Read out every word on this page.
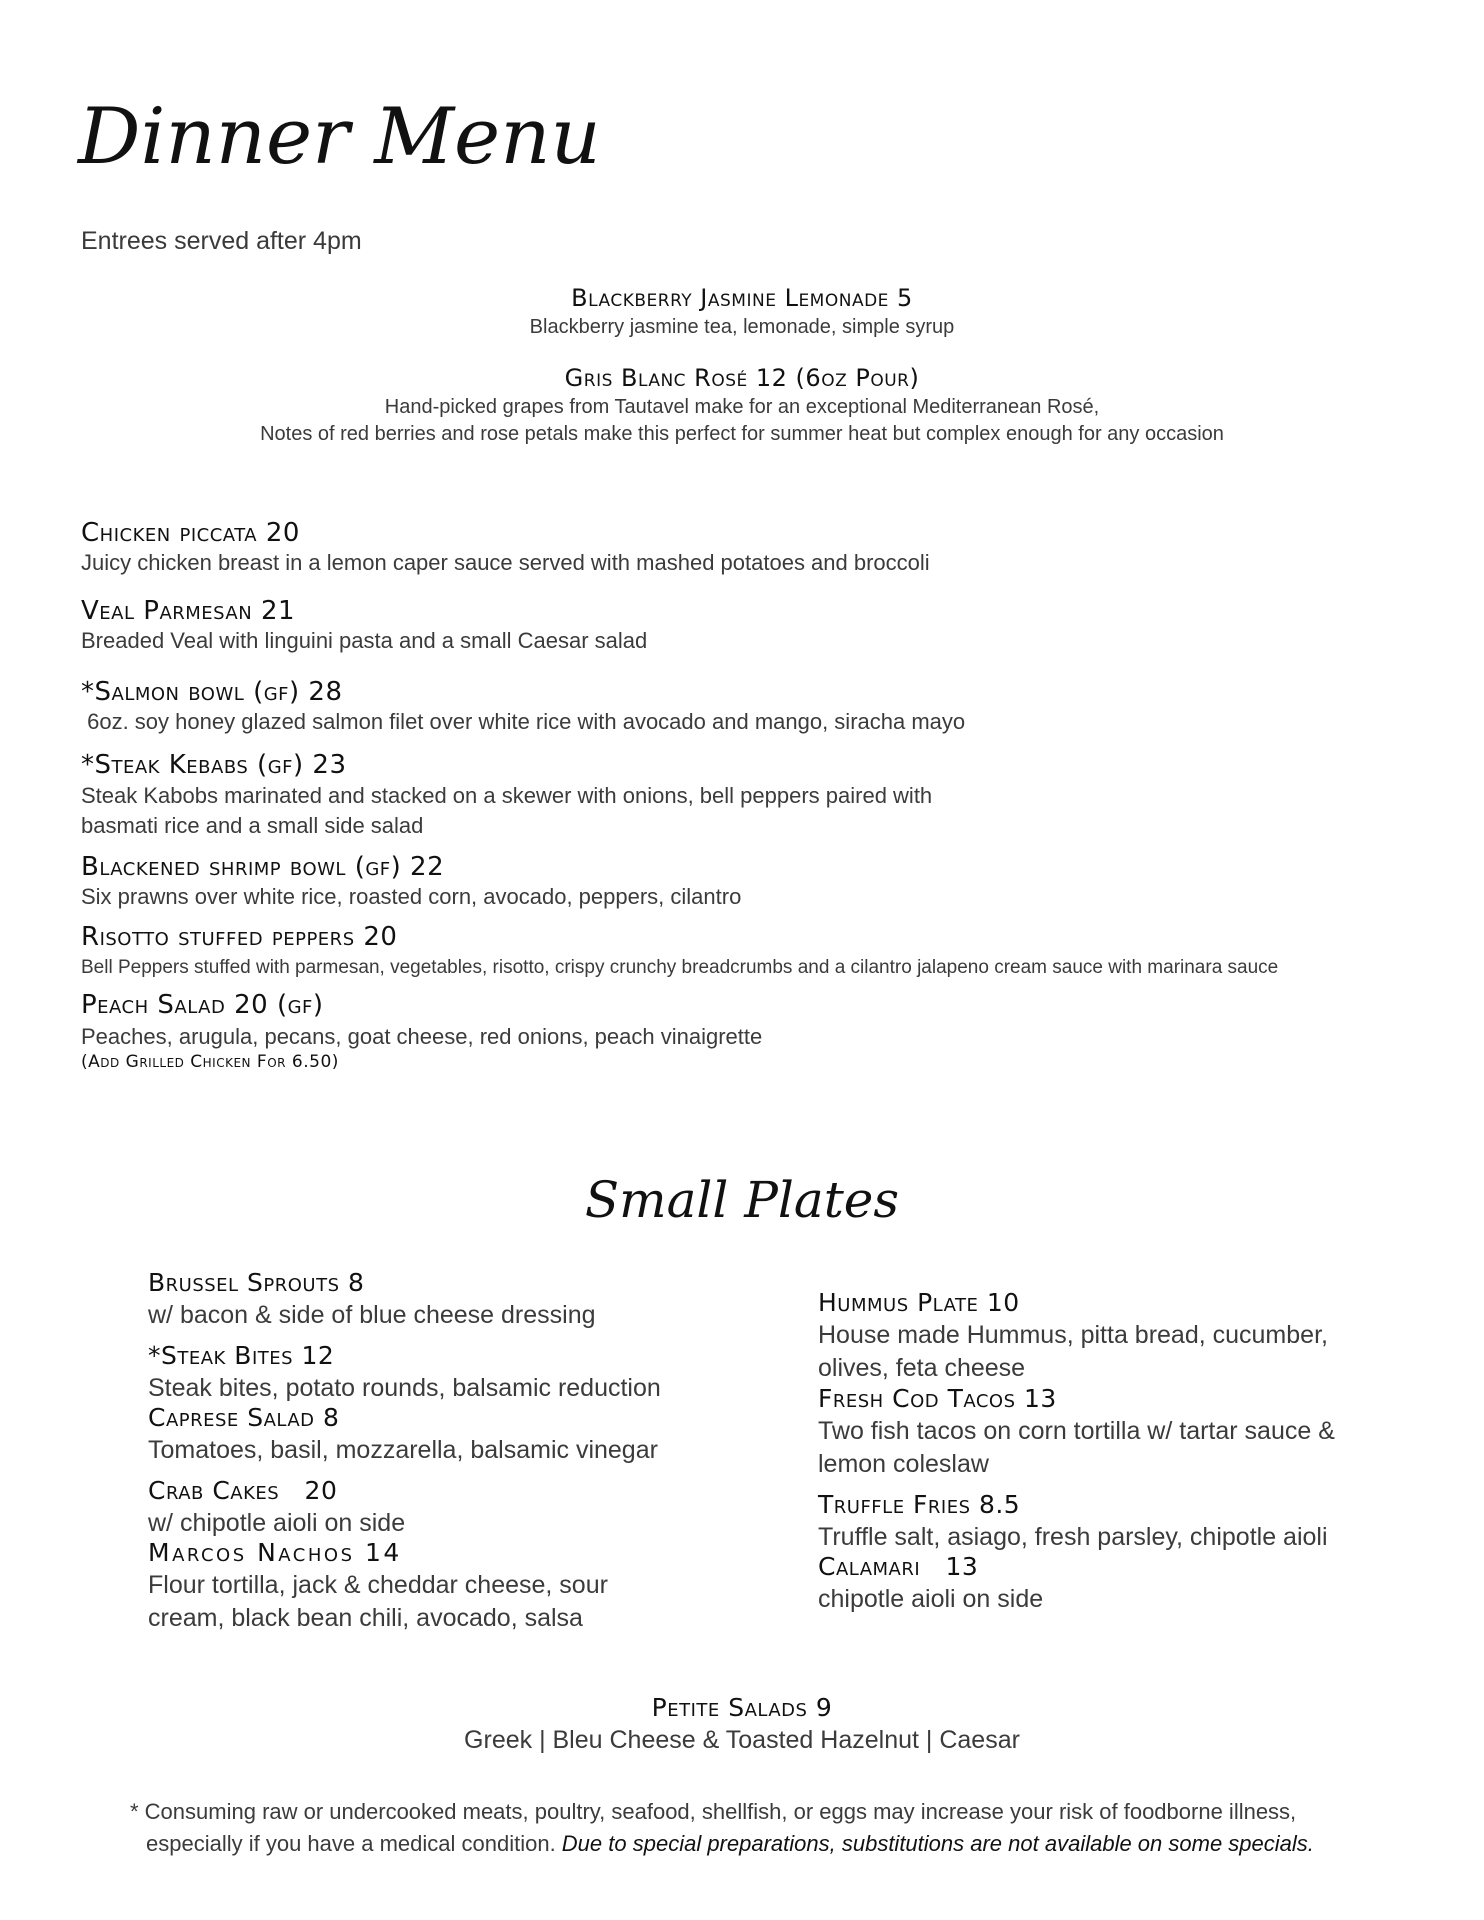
Dinner Menu
Entrees served after 4pm
Blackberry Jasmine Lemonade 5
Blackberry jasmine tea, lemonade, simple syrup
Gris Blanc Rosé 12 (6oz Pour)
Hand-picked grapes from Tautavel make for an exceptional Mediterranean Rosé,
Notes of red berries and rose petals make this perfect for summer heat but complex enough for any occasion
Chicken piccata 20
Juicy chicken breast in a lemon caper sauce served with mashed potatoes and broccoli
Veal Parmesan 21
Breaded Veal with linguini pasta and a small Caesar salad
*Salmon bowl (gf) 28
6oz. soy honey glazed salmon filet over white rice with avocado and mango, siracha mayo
*Steak Kebabs (gf) 23
Steak Kabobs marinated and stacked on a skewer with onions, bell peppers paired with
basmati rice and a small side salad
Blackened shrimp bowl (gf) 22
Six prawns over white rice, roasted corn, avocado, peppers, cilantro
Risotto stuffed peppers 20
Bell Peppers stuffed with parmesan, vegetables, risotto, crispy crunchy breadcrumbs and a cilantro jalapeno cream sauce with marinara sauce
Peach Salad 20 (gf)
Peaches, arugula, pecans, goat cheese, red onions, peach vinaigrette
(Add Grilled Chicken For 6.50)
Small Plates
Brussel Sprouts 8
w/ bacon & side of blue cheese dressing
*Steak Bites 12
Steak bites, potato rounds, balsamic reduction
Caprese Salad 8
Tomatoes, basil, mozzarella, balsamic vinegar
Crab Cakes   20
w/ chipotle aioli on side
Marcos Nachos 14
Flour tortilla, jack & cheddar cheese, sour
cream, black bean chili, avocado, salsa
Hummus Plate 10
House made Hummus, pitta bread, cucumber,
olives, feta cheese
Fresh Cod Tacos 13
Two fish tacos on corn tortilla w/ tartar sauce &
lemon coleslaw
Truffle Fries 8.5
Truffle salt, asiago, fresh parsley, chipotle aioli
Calamari   13
chipotle aioli on side
Petite Salads 9
Greek | Bleu Cheese & Toasted Hazelnut | Caesar
* Consuming raw or undercooked meats, poultry, seafood, shellfish, or eggs may increase your risk of foodborne illness,
especially if you have a medical condition. Due to special preparations, substitutions are not available on some specials.
